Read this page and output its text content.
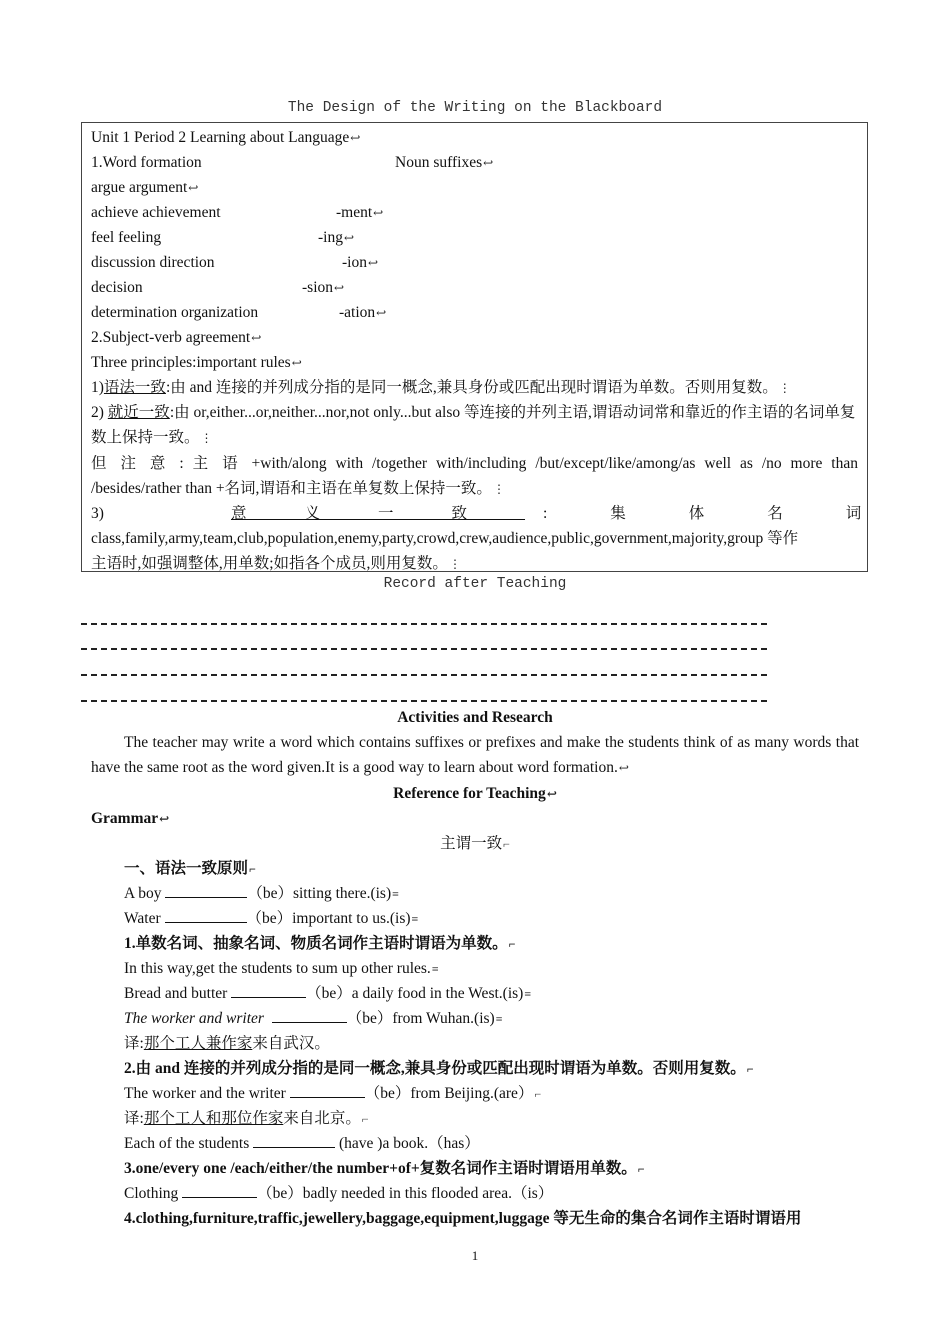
The Design of the Writing on the Blackboard
Unit 1 Period 2 Learning about Language↩
1.Word formation	Noun suffixes↩
argue argument↩
achieve achievement	-ment↩
feel feeling	-ing↩
discussion direction	-ion↩
decision	-sion↩
determination organization	-ation↩
2.Subject-verb agreement↩
Three principles:important rules↩
1)语法一致:由 and 连接的并列成分指的是同一概念,兼具身份或匹配出现时谓语为单数。否则用复数。⋮
2) 就近一致:由 or,either...or,neither...nor,not only...but also 等连接的并列主语,谓语动词常和靠近的作主语的名词单复数上保持一致。⋮
但 注 意 : 主 语 +with/along with /together with/including /but/except/like/among/as well as /no more than
/besides/rather than +名词,谓语和主语在单复数上保持一致。⋮
3)	意义一致	:集体名词
class,family,army,team,club,population,enemy,party,crowd,crew,audience,public,government,majority,group 等作
主语时,如强调整体,用单数;如指各个成员,则用复数。⋮
Record after Teaching
Activities and Research
The teacher may write a word which contains suffixes or prefixes and make the students think of as many words that have the same root as the word given.It is a good way to learn about word formation.↩
Reference for Teaching↩
Grammar↩
主谓一致⌐
一、语法一致原则⌐
A boy	（be）sitting there.(is)≡
Water	（be）important to us.(is)≡
1.单数名词、抽象名词、物质名词作主语时谓语为单数。⌐
In this way,get the students to sum up other rules.≡
Bread and butter	（be）a daily food in the West.(is)≡
The worker and writer	（be）from Wuhan.(is)≡
译:那个工人兼作家来自武汉。
2.由 and 连接的并列成分指的是同一概念,兼具身份或匹配出现时谓语为单数。否则用复数。⌐
The worker and the writer	（be）from Beijing.(are）⌐
译:那个工人和那位作家来自北京。⌐
Each of the students	(have )a book.（has）
3.one/every one /each/either/the number+of+复数名词作主语时谓语用单数。⌐
Clothing	（be）badly needed in this flooded area.（is）
4.clothing,furniture,traffic,jewellery,baggage,equipment,luggage 等无生命的集合名词作主语时谓语用
1
